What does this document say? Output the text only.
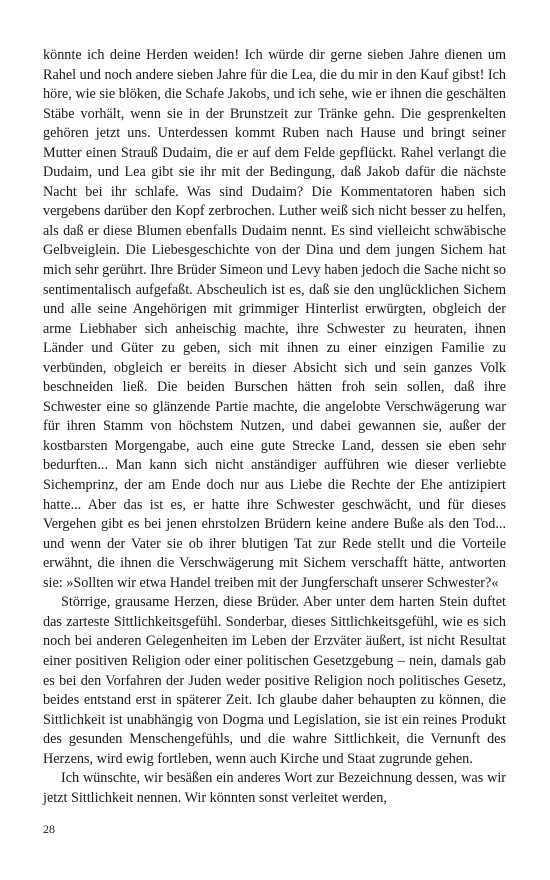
könnte ich deine Herden weiden! Ich würde dir gerne sieben Jahre dienen um Rahel und noch andere sieben Jahre für die Lea, die du mir in den Kauf gibst! Ich höre, wie sie blöken, die Schafe Jakobs, und ich sehe, wie er ihnen die geschälten Stäbe vorhält, wenn sie in der Brunstzeit zur Tränke gehn. Die gesprenkelten gehören jetzt uns. Unterdessen kommt Ruben nach Hause und bringt seiner Mutter einen Strauß Dudaim, die er auf dem Felde gepflückt. Rahel verlangt die Dudaim, und Lea gibt sie ihr mit der Bedingung, daß Jakob dafür die nächste Nacht bei ihr schlafe. Was sind Dudaim? Die Kommentatoren haben sich vergebens darüber den Kopf zerbrochen. Luther weiß sich nicht besser zu helfen, als daß er diese Blumen ebenfalls Dudaim nennt. Es sind vielleicht schwäbische Gelbveiglein. Die Liebesgeschichte von der Dina und dem jungen Sichem hat mich sehr gerührt. Ihre Brüder Simeon und Levy haben jedoch die Sache nicht so sentimentalisch aufgefaßt. Abscheulich ist es, daß sie den unglücklichen Sichem und alle seine Angehörigen mit grimmiger Hinterlist erwürgten, obgleich der arme Liebhaber sich anheischig machte, ihre Schwester zu heuraten, ihnen Länder und Güter zu geben, sich mit ihnen zu einer einzigen Familie zu verbünden, obgleich er bereits in dieser Absicht sich und sein ganzes Volk beschneiden ließ. Die beiden Burschen hätten froh sein sollen, daß ihre Schwester eine so glänzende Partie machte, die angelobte Verschwägerung war für ihren Stamm von höchstem Nutzen, und dabei gewannen sie, außer der kostbarsten Morgengabe, auch eine gute Strecke Land, dessen sie eben sehr bedurften... Man kann sich nicht anständiger aufführen wie dieser verliebte Sichemprinz, der am Ende doch nur aus Liebe die Rechte der Ehe antizipiert hatte... Aber das ist es, er hatte ihre Schwester geschwächt, und für dieses Vergehen gibt es bei jenen ehrstolzen Brüdern keine andere Buße als den Tod... und wenn der Vater sie ob ihrer blutigen Tat zur Rede stellt und die Vorteile erwähnt, die ihnen die Verschwägerung mit Sichem verschafft hätte, antworten sie: »Sollten wir etwa Handel treiben mit der Jungferschaft unserer Schwester?«

Störrige, grausame Herzen, diese Brüder. Aber unter dem harten Stein duftet das zarteste Sittlichkeitsgefühl. Sonderbar, dieses Sittlichkeitsgefühl, wie es sich noch bei anderen Gelegenheiten im Leben der Erzväter äußert, ist nicht Resultat einer positiven Religion oder einer politischen Gesetzgebung – nein, damals gab es bei den Vorfahren der Juden weder positive Religion noch politisches Gesetz, beides entstand erst in späterer Zeit. Ich glaube daher behaupten zu können, die Sittlichkeit ist unabhängig von Dogma und Legislation, sie ist ein reines Produkt des gesunden Menschengefühls, und die wahre Sittlichkeit, die Vernunft des Herzens, wird ewig fortleben, wenn auch Kirche und Staat zugrunde gehen.

Ich wünschte, wir besäßen ein anderes Wort zur Bezeichnung dessen, was wir jetzt Sittlichkeit nennen. Wir könnten sonst verleitet werden,

28
